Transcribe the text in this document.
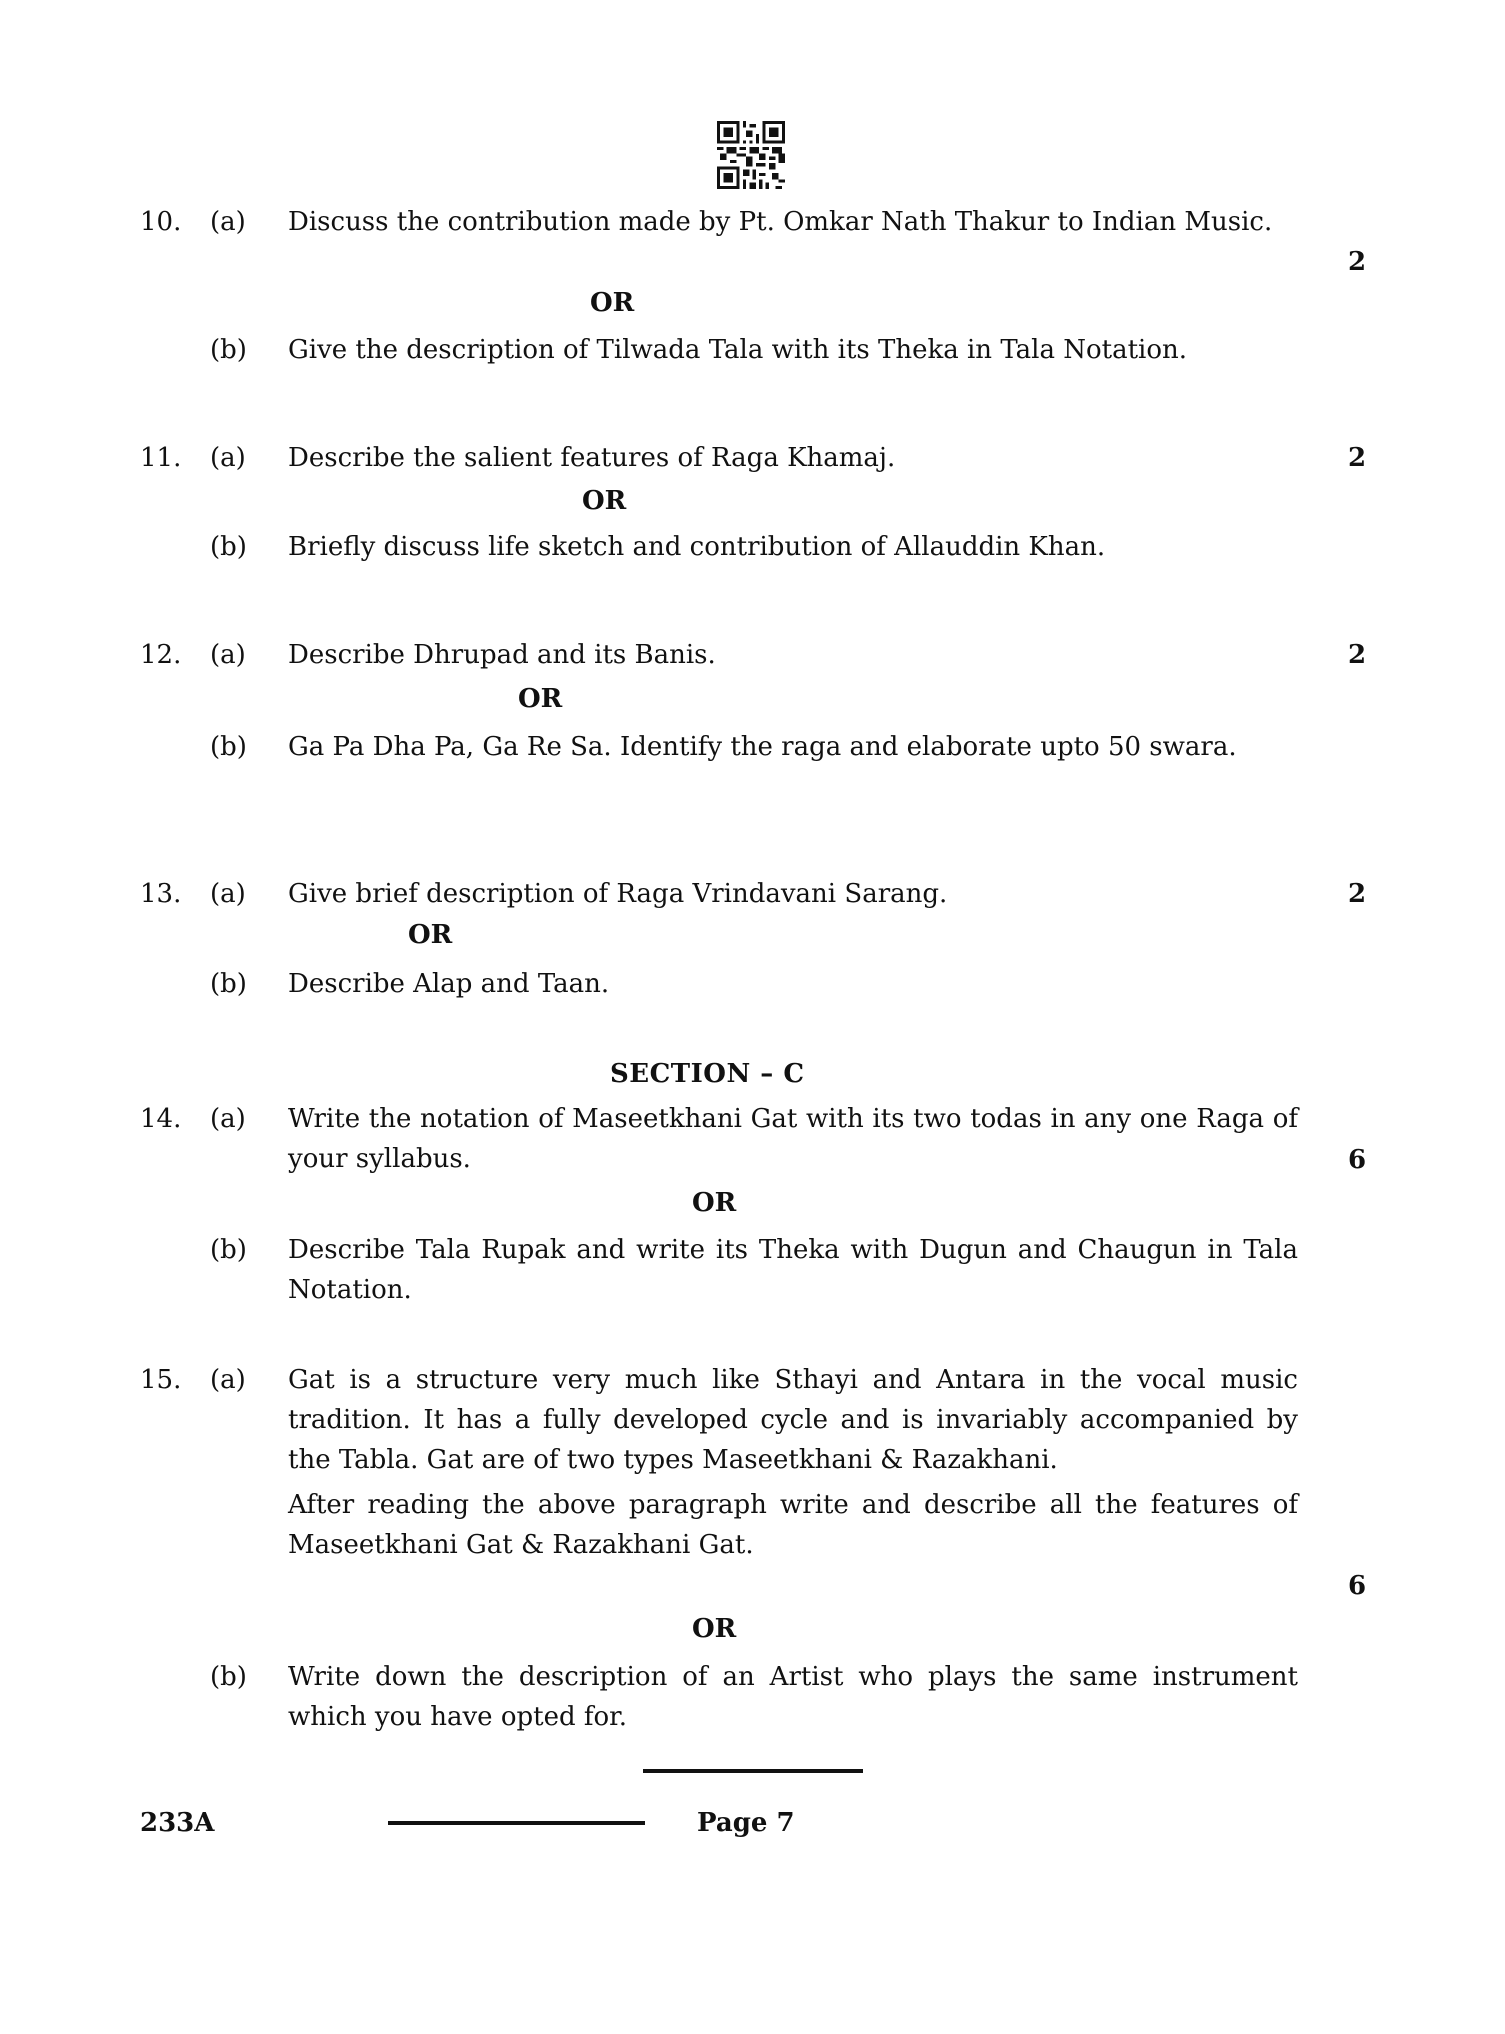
10. (a) Discuss the contribution made by Pt. Omkar Nath Thakur to Indian Music.
2
OR
(b) Give the description of Tilwada Tala with its Theka in Tala Notation.
11. (a) Describe the salient features of Raga Khamaj.	2
OR
(b) Briefly discuss life sketch and contribution of Allauddin Khan.
12. (a) Describe Dhrupad and its Banis.	2
OR
(b) Ga Pa Dha Pa, Ga Re Sa. Identify the raga and elaborate upto 50 swara.
13. (a) Give brief description of Raga Vrindavani Sarang.	2
OR
(b) Describe Alap and Taan.
SECTION – C
14. (a) Write the notation of Maseetkhani Gat with its two todas in any one Raga of your syllabus.	6
OR
(b) Describe Tala Rupak and write its Theka with Dugun and Chaugun in Tala Notation.
15. (a) Gat is a structure very much like Sthayi and Antara in the vocal music tradition. It has a fully developed cycle and is invariably accompanied by the Tabla. Gat are of two types Maseetkhani & Razakhani.
After reading the above paragraph write and describe all the features of Maseetkhani Gat & Razakhani Gat.
6
OR
(b) Write down the description of an Artist who plays the same instrument which you have opted for.
233A	Page 7
